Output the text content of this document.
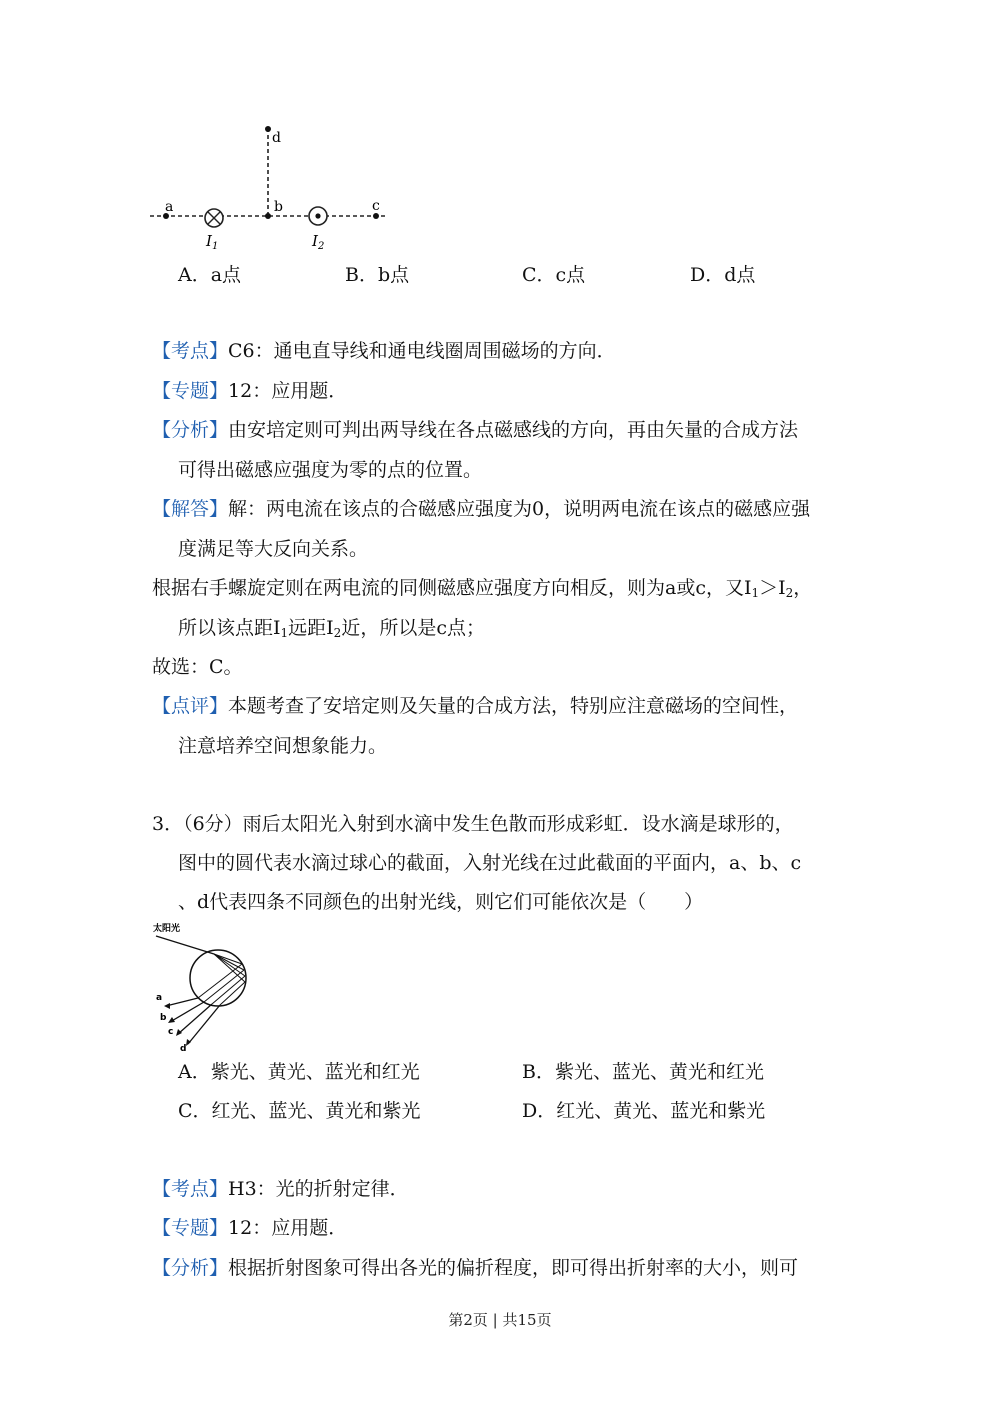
a
$I_1$
b
d
$I_2$
c
A．a点	B．b点	C．c点	D．d点
【考点】C6：通电直导线和通电线圈周围磁场的方向．
【专题】12：应用题．
【分析】由安培定则可判出两导线在各点磁感线的方向，再由矢量的合成方法
可得出磁感应强度为零的点的位置。
【解答】解：两电流在该点的合磁感应强度为0，说明两电流在该点的磁感应强
度满足等大反向关系。
根据右手螺旋定则在两电流的同侧磁感应强度方向相反，则为a或c，又$I_1>I_2$，
所以该点距$I_1$远距$I_2$近，所以是c点；
故选：C。
【点评】本题考查了安培定则及矢量的合成方法，特别应注意磁场的空间性，
注意培养空间想象能力。
3．（6分）雨后太阳光入射到水滴中发生色散而形成彩虹．设水滴是球形的，
图中的圆代表水滴过球心的截面，入射光线在过此截面的平面内，a、b、c
、d代表四条不同颜色的出射光线，则它们可能依次是（　　）
太阳光
a
b
c
d
A．紫光、黄光、蓝光和红光	B．紫光、蓝光、黄光和红光
C．红光、蓝光、黄光和紫光	D．红光、黄光、蓝光和紫光
【考点】H3：光的折射定律．
【专题】12：应用题．
【分析】根据折射图象可得出各光的偏折程度，即可得出折射率的大小，则可
第2页 | 共15页
